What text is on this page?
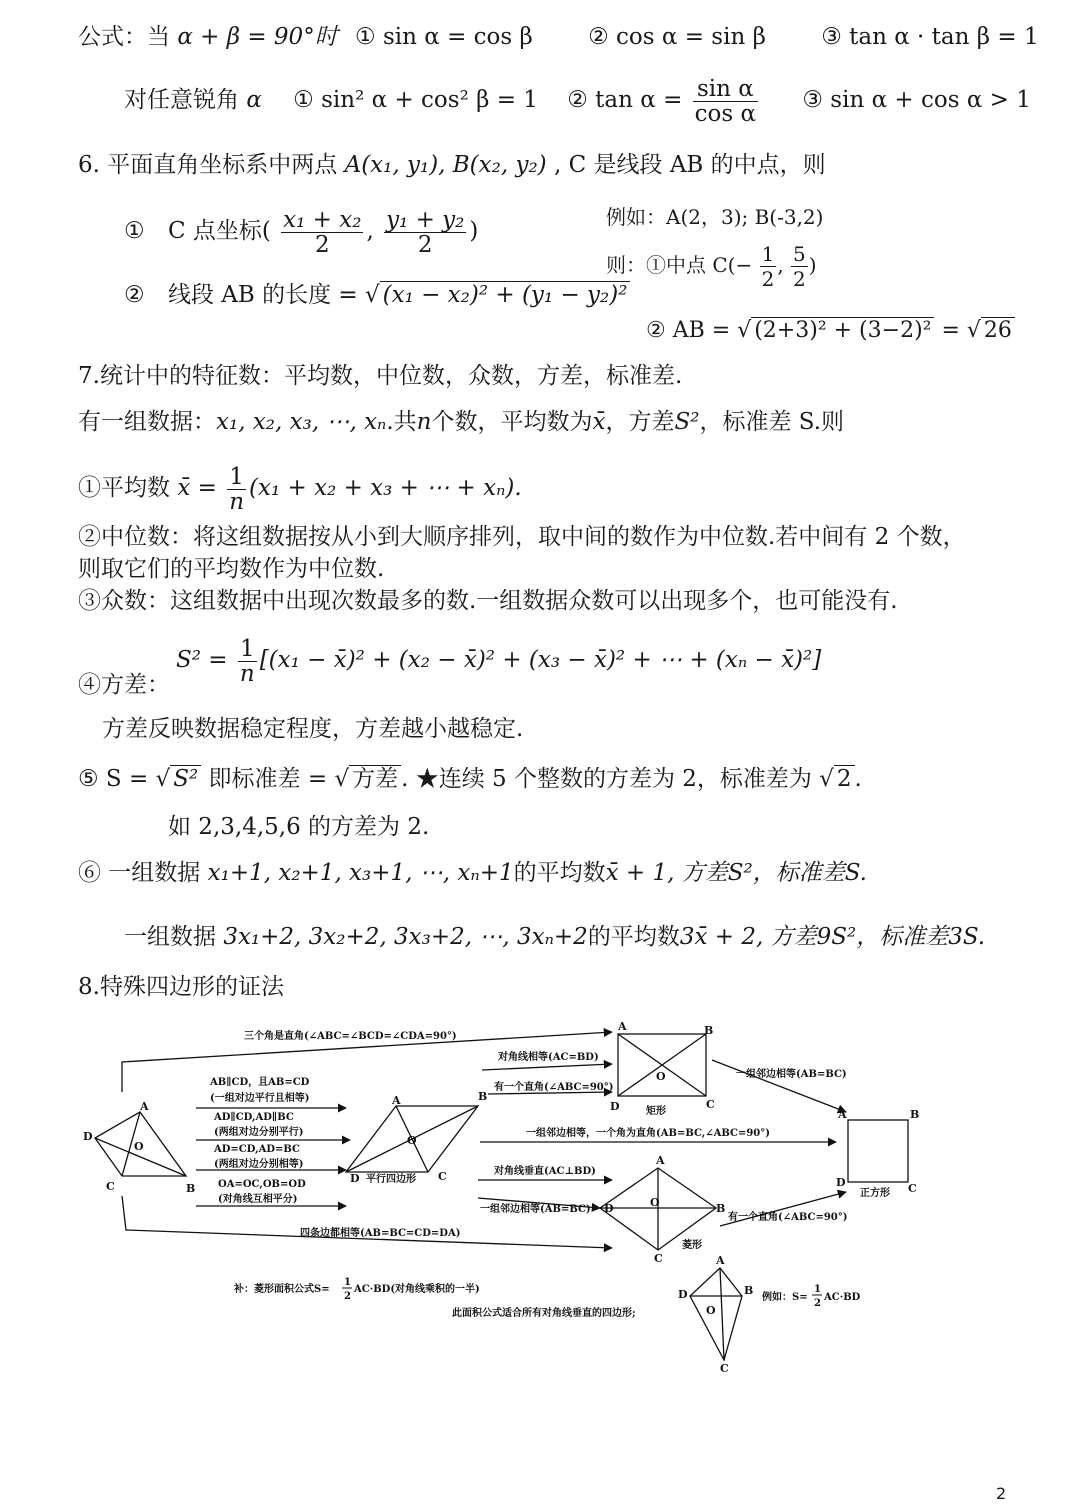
公式：当 α + β = 90°时 ① sin α = cos β ② cos α = sin β ③ tan α · tan β = 1
对任意锐角 α ① sin² α + cos² β = 1 ② $\tan \alpha = \frac{\text{sin α}}{\text{cos α}}$ ③ sin α + cos α > 1
6. 平面直角坐标系中两点 A(x₁, y₁), B(x₂, y₂) , C 是线段 AB 的中点，则
① C 点坐标( $\frac{\text{x₁ + x₂}}{2}$ , $\frac{\text{y₁ + y₂}}{2}$ )
② 线段 AB 的长度 = √ (x₁ − x₂)² + (y₁ − y₂)²
例如：A(2，3); B(-3,2)
则：①中点 $C(- \frac{1}{2}$ , $\frac{5}{2}$ )
② AB = √ (2+3)² + (3−2)² = √ 26
7.统计中的特征数：平均数，中位数，众数，方差，标准差.
有一组数据：x₁, x₂, x₃, ⋯, xₙ.共n个数，平均数为x̄，方差S²，标准差 S.则
①平均数 x̄ = $\frac{1}{n} (x_1 + x_2 + x_3$ + ⋯ + xₙ).
②中位数：将这组数据按从小到大顺序排列，取中间的数作为中位数.若中间有 2 个数，
则取它们的平均数作为中位数.
③众数：这组数据中出现次数最多的数.一组数据众数可以出现多个，也可能没有.
$S^2 = \frac{1}{n} [(x_1$ − x̄)² + (x₂ − x̄)² + (x₃ − x̄)² + ⋯ + (xₙ − x̄)²]
④方差：
方差反映数据稳定程度，方差越小越稳定.
⑤ S = √ S² 即标准差 = √ 方差 . ★连续 5 个整数的方差为 2，标准差为 √ 2 .
如 2,3,4,5,6 的方差为 2.
⑥ 一组数据 x₁+1, x₂+1, x₃+1, ⋯, xₙ+1的平均数x̄ + 1, 方差S²，标准差S.
一组数据 3x₁+2, 3x₂+2, 3x₃+2, ⋯, 3xₙ+2的平均数3x̄ + 2, 方差9S²，标准差3S.
8.特殊四边形的证法
三个角是直角(∠ABC=∠BCD=∠CDA=90°)
四条边都相等(AB=BC=CD=DA)
AB∥CD，且AB=CD
(一组对边平行且相等)
AD∥CD,AD∥BC
(两组对边分别平行)
AD=CD,AD=BC
(两组对边分别相等)
OA=OC,OB=OD
(对角线互相平分)
对角线相等(AC=BD)
有一个直角(∠ABC=90°)
一组邻边相等，一个角为直角(AB=BC,∠ABC=90°)
对角线垂直(AC⊥BD)
一组邻边相等(AB=BC)
一组邻边相等(AB=BC)
有一个直角(∠ABC=90°)
平行四边形
矩形
菱形
正方形
A
D
C	B
O
A	B
C
D
O
A	B
C
D
O
A	B
C
D
A
B
C
D	O
A
B
C
D
O
补：菱形面积公式S=
1
2
AC·BD(对角线乘积的一半)
此面积公式适合所有对角线垂直的四边形;
例如：S=
1
2
AC·BD
2
